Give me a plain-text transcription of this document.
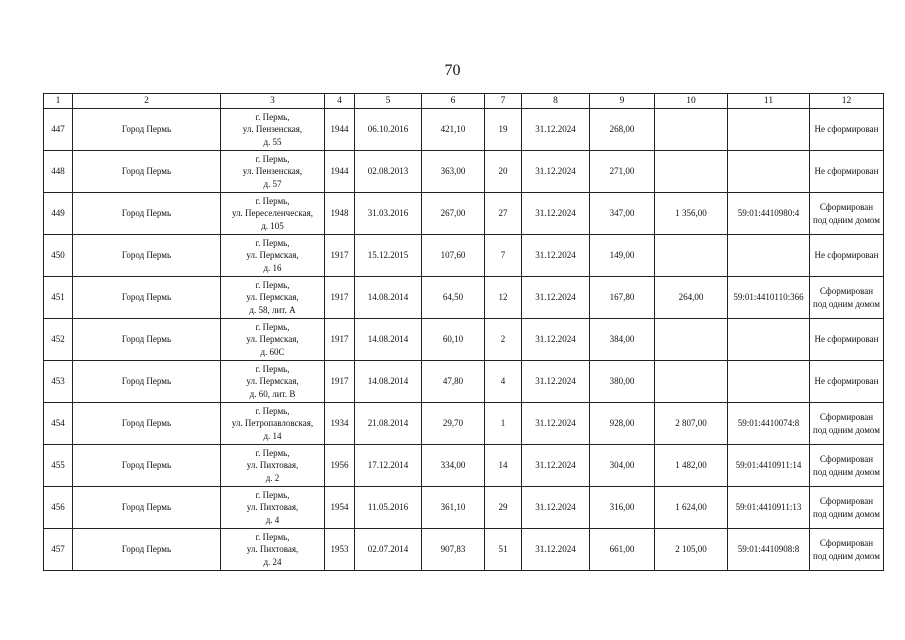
70
1	2	3	4	5	6	7	8	9	10	11	12
447	Город Пермь	г. Пермь,
ул. Пензенская,
д. 55	1944	06.10.2016	421,10	19	31.12.2024	268,00			Не сформирован

448	Город Пермь	г. Пермь,
ул. Пензенская,
д. 57	1944	02.08.2013	363,00	20	31.12.2024	271,00			Не сформирован

449	Город Пермь	г. Пермь,
ул. Переселенческая,
д. 105	1948	31.03.2016	267,00	27	31.12.2024	347,00	1 356,00	59:01:4410980:4	Сформирован
под одним домом

450	Город Пермь	г. Пермь,
ул. Пермская,
д. 16	1917	15.12.2015	107,60	7	31.12.2024	149,00			Не сформирован

451	Город Пермь	г. Пермь,
ул. Пермская,
д. 58, лит. А	1917	14.08.2014	64,50	12	31.12.2024	167,80	264,00	59:01:4410110:366	Сформирован
под одним домом

452	Город Пермь	г. Пермь,
ул. Пермская,
д. 60С	1917	14.08.2014	60,10	2	31.12.2024	384,00			Не сформирован

453	Город Пермь	г. Пермь,
ул. Пермская,
д. 60, лит. В	1917	14.08.2014	47,80	4	31.12.2024	380,00			Не сформирован

454	Город Пермь	г. Пермь,
ул. Петропавловская,
д. 14	1934	21.08.2014	29,70	1	31.12.2024	928,00	2 807,00	59:01:4410074:8	Сформирован
под одним домом

455	Город Пермь	г. Пермь,
ул. Пихтовая,
д. 2	1956	17.12.2014	334,00	14	31.12.2024	304,00	1 482,00	59:01:4410911:14	Сформирован
под одним домом

456	Город Пермь	г. Пермь,
ул. Пихтовая,
д. 4	1954	11.05.2016	361,10	29	31.12.2024	316,00	1 624,00	59:01:4410911:13	Сформирован
под одним домом

457	Город Пермь	г. Пермь,
ул. Пихтовая,
д. 24	1953	02.07.2014	907,83	51	31.12.2024	661,00	2 105,00	59:01:4410908:8	Сформирован
под одним домом
